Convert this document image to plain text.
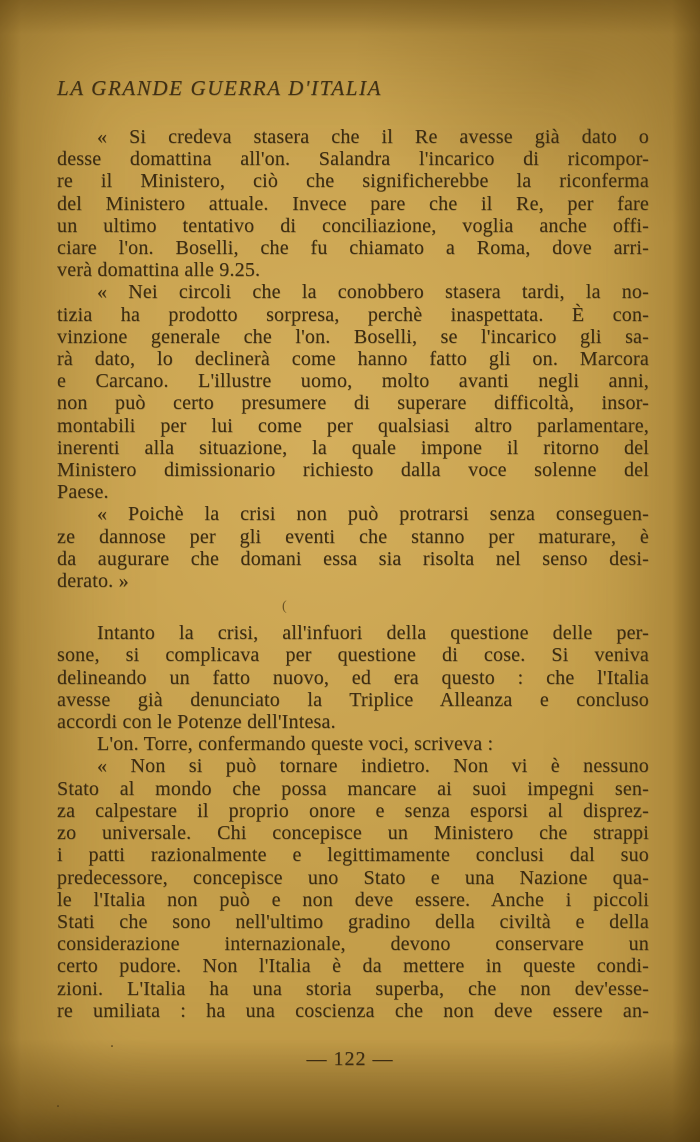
LA GRANDE GUERRA D'ITALIA
« Si credeva stasera che il Re avesse già dato o
desse domattina all'on. Salandra l'incarico di ricompor-
re il Ministero, ciò che significherebbe la riconferma
del Ministero attuale. Invece pare che il Re, per fare
un ultimo tentativo di conciliazione, voglia anche offi-
ciare l'on. Boselli, che fu chiamato a Roma, dove arri-
verà domattina alle 9.25.
« Nei circoli che la conobbero stasera tardi, la no-
tizia ha prodotto sorpresa, perchè inaspettata. È con-
vinzione generale che l'on. Boselli, se l'incarico gli sa-
rà dato, lo declinerà come hanno fatto gli on. Marcora
e Carcano. L'illustre uomo, molto avanti negli anni,
non può certo presumere di superare difficoltà, insor-
montabili per lui come per qualsiasi altro parlamentare,
inerenti alla situazione, la quale impone il ritorno del
Ministero dimissionario richiesto dalla voce solenne del
Paese.
« Poichè la crisi non può protrarsi senza conseguen-
ze dannose per gli eventi che stanno per maturare, è
da augurare che domani essa sia risolta nel senso desi-
derato. »
Intanto la crisi, all'infuori della questione delle per-
sone, si complicava per questione di cose. Si veniva
delineando un fatto nuovo, ed era questo : che l'Italia
avesse già denunciato la Triplice Alleanza e concluso
accordi con le Potenze dell'Intesa.
L'on. Torre, confermando queste voci, scriveva :
« Non si può tornare indietro. Non vi è nessuno
Stato al mondo che possa mancare ai suoi impegni sen-
za calpestare il proprio onore e senza esporsi al disprez-
zo universale. Chi concepisce un Ministero che strappi
i patti razionalmente e legittimamente conclusi dal suo
predecessore, concepisce uno Stato e una Nazione qua-
le l'Italia non può e non deve essere. Anche i piccoli
Stati che sono nell'ultimo gradino della civiltà e della
considerazione internazionale, devono conservare un
certo pudore. Non l'Italia è da mettere in queste condi-
zioni. L'Italia ha una storia superba, che non dev'esse-
re umiliata : ha una coscienza che non deve essere an-
(
.
.
— 122 —
